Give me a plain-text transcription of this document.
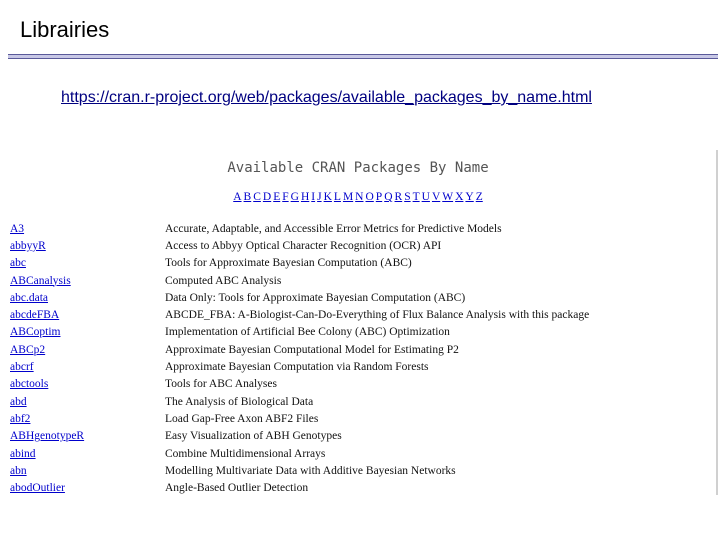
Librairies
https://cran.r-project.org/web/packages/available_packages_by_name.html
Available CRAN Packages By Name
A B C D E F G H I J K L M N O P Q R S T U V W X Y Z
A3	Accurate, Adaptable, and Accessible Error Metrics for Predictive Models
abbyyR	Access to Abbyy Optical Character Recognition (OCR) API
abc	Tools for Approximate Bayesian Computation (ABC)
ABCanalysis	Computed ABC Analysis
abc.data	Data Only: Tools for Approximate Bayesian Computation (ABC)
abcdeFBA	ABCDE_FBA: A-Biologist-Can-Do-Everything of Flux Balance Analysis with this package
ABCoptim	Implementation of Artificial Bee Colony (ABC) Optimization
ABCp2	Approximate Bayesian Computational Model for Estimating P2
abcrf	Approximate Bayesian Computation via Random Forests
abctools	Tools for ABC Analyses
abd	The Analysis of Biological Data
abf2	Load Gap-Free Axon ABF2 Files
ABHgenotypeR	Easy Visualization of ABH Genotypes
abind	Combine Multidimensional Arrays
abn	Modelling Multivariate Data with Additive Bayesian Networks
abodOutlier	Angle-Based Outlier Detection
